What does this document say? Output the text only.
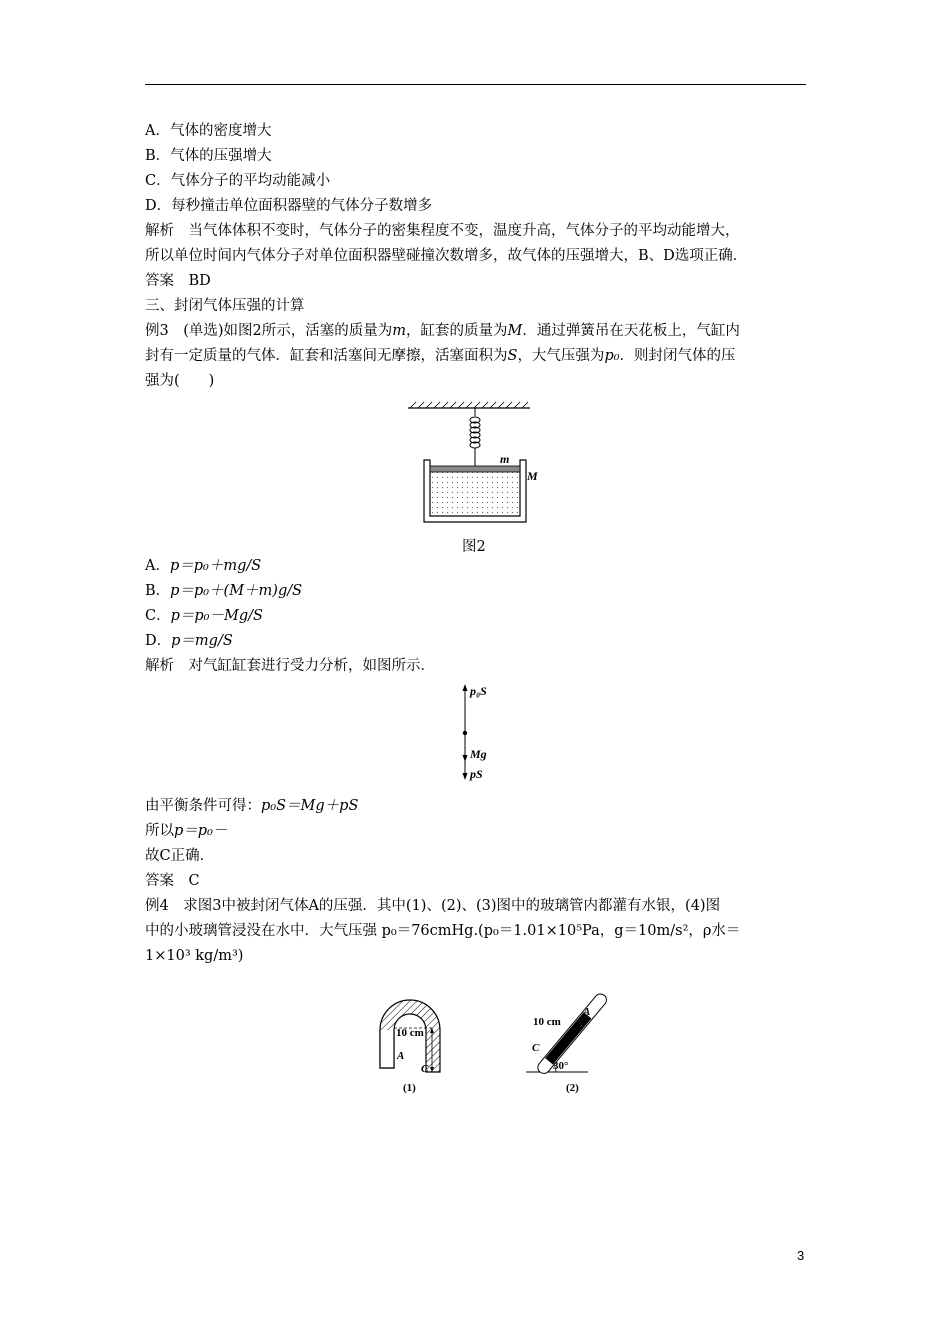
A．气体的密度增大
B．气体的压强增大
C．气体分子的平均动能减小
D．每秒撞击单位面积器壁的气体分子数增多
解析　当气体体积不变时，气体分子的密集程度不变，温度升高，气体分子的平均动能增大，
所以单位时间内气体分子对单位面积器壁碰撞次数增多，故气体的压强增大，B、D选项正确．
答案　BD
三、封闭气体压强的计算
例3　(单选)如图2所示，活塞的质量为m，缸套的质量为M．通过弹簧吊在天花板上，气缸内
封有一定质量的气体．缸套和活塞间无摩擦，活塞面积为S，大气压强为p₀．则封闭气体的压
强为(　　)
m
M
图2
A．p＝p₀＋mg/S
B．p＝p₀＋(M＋m)g/S
C．p＝p₀－Mg/S
D．p＝mg/S
解析　对气缸缸套进行受力分析，如图所示．
p₀S
Mg
pS
由平衡条件可得：p₀S＝Mg＋pS
所以p＝p₀－
故C正确．
答案　C
例4　求图3中被封闭气体A的压强．其中(1)、(2)、(3)图中的玻璃管内都灌有水银，(4)图
中的小玻璃管浸没在水中．大气压强 p₀＝76cmHg.(p₀＝1.01×10⁵Pa，g＝10m/s²，ρ水＝
1×10³ kg/m³)
10 cm
A
C
(1)
10 cm
A
C
30°
(2)
3
